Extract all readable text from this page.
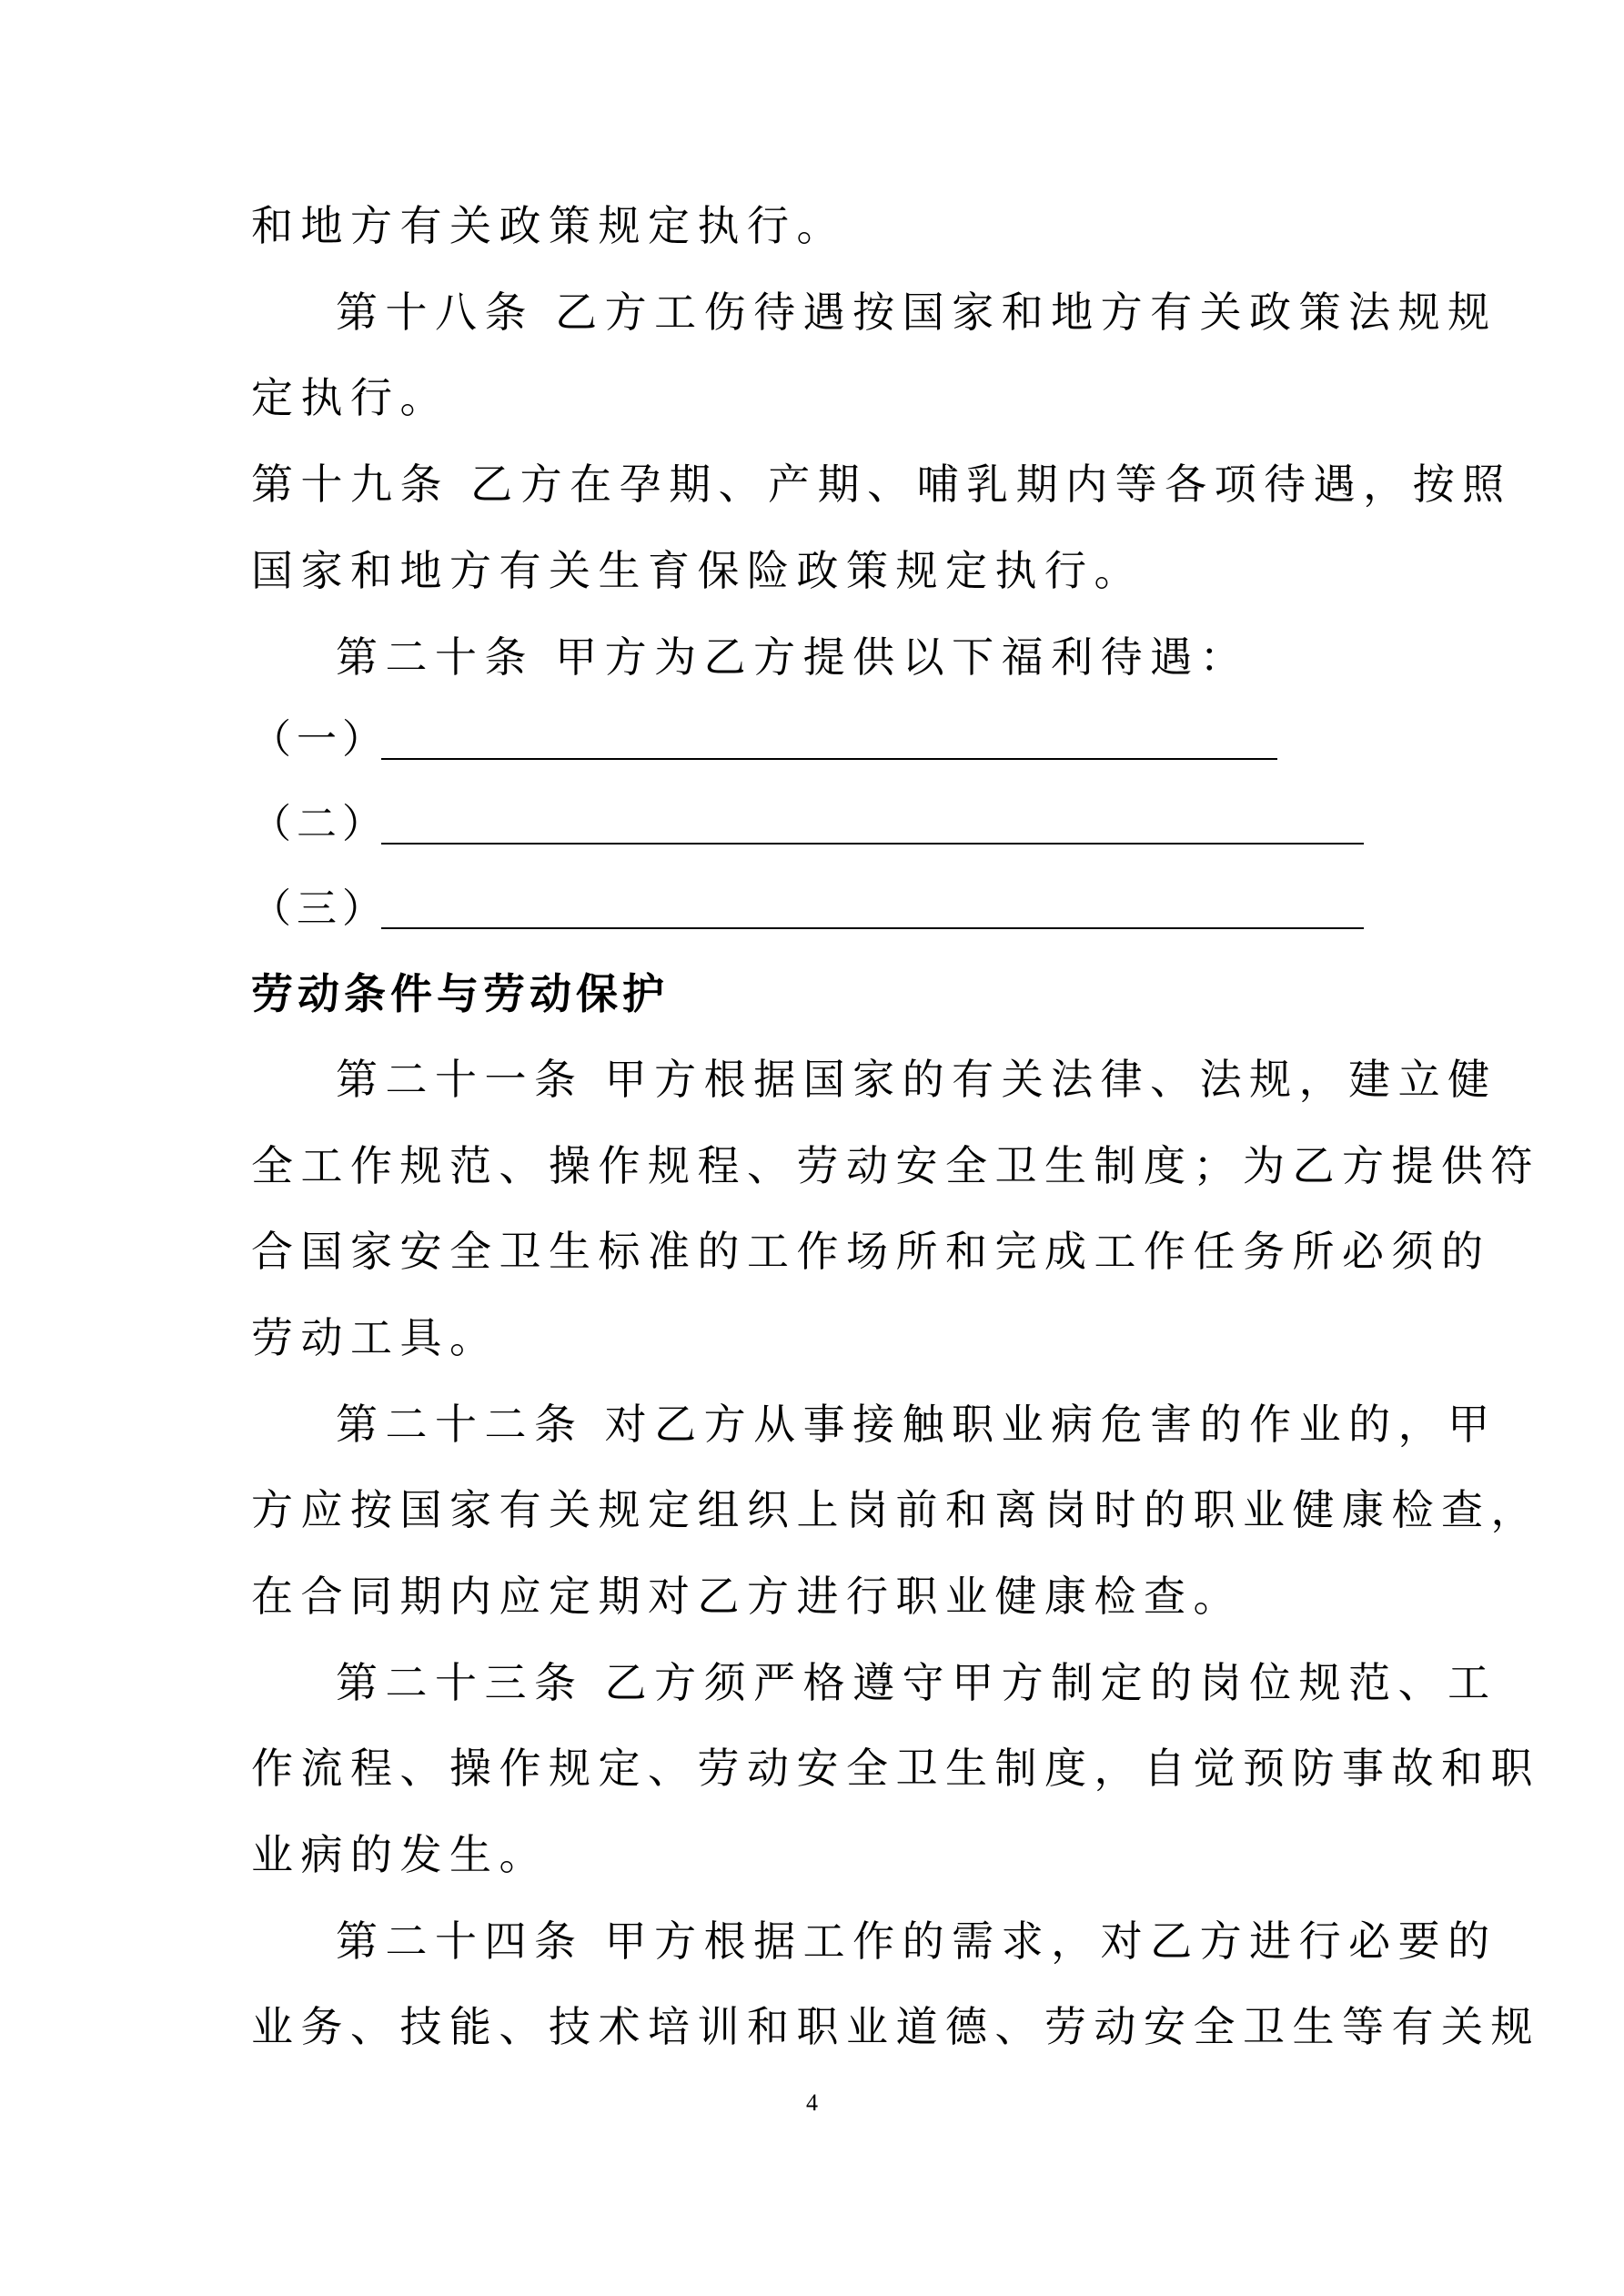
和地方有关政策规定执行。
第十八条 乙方工伤待遇按国家和地方有关政策法规规
定执行。
第十九条 乙方在孕期、产期、哺乳期内等各项待遇，按照
国家和地方有关生育保险政策规定执行。
第二十条 甲方为乙方提供以下福利待遇：
（一）
（二）
（三）
劳动条件与劳动保护
第二十一条 甲方根据国家的有关法律、法规，建立健
全工作规范、操作规程、劳动安全卫生制度；为乙方提供符
合国家安全卫生标准的工作场所和完成工作任务所必须的
劳动工具。
第二十二条 对乙方从事接触职业病危害的作业的，甲
方应按国家有关规定组织上岗前和离岗时的职业健康检查，
在合同期内应定期对乙方进行职业健康检查。
第二十三条 乙方须严格遵守甲方制定的岗位规范、工
作流程、操作规定、劳动安全卫生制度，自觉预防事故和职
业病的发生。
第二十四条 甲方根据工作的需求，对乙方进行必要的
业务、技能、技术培训和职业道德、劳动安全卫生等有关规
4
